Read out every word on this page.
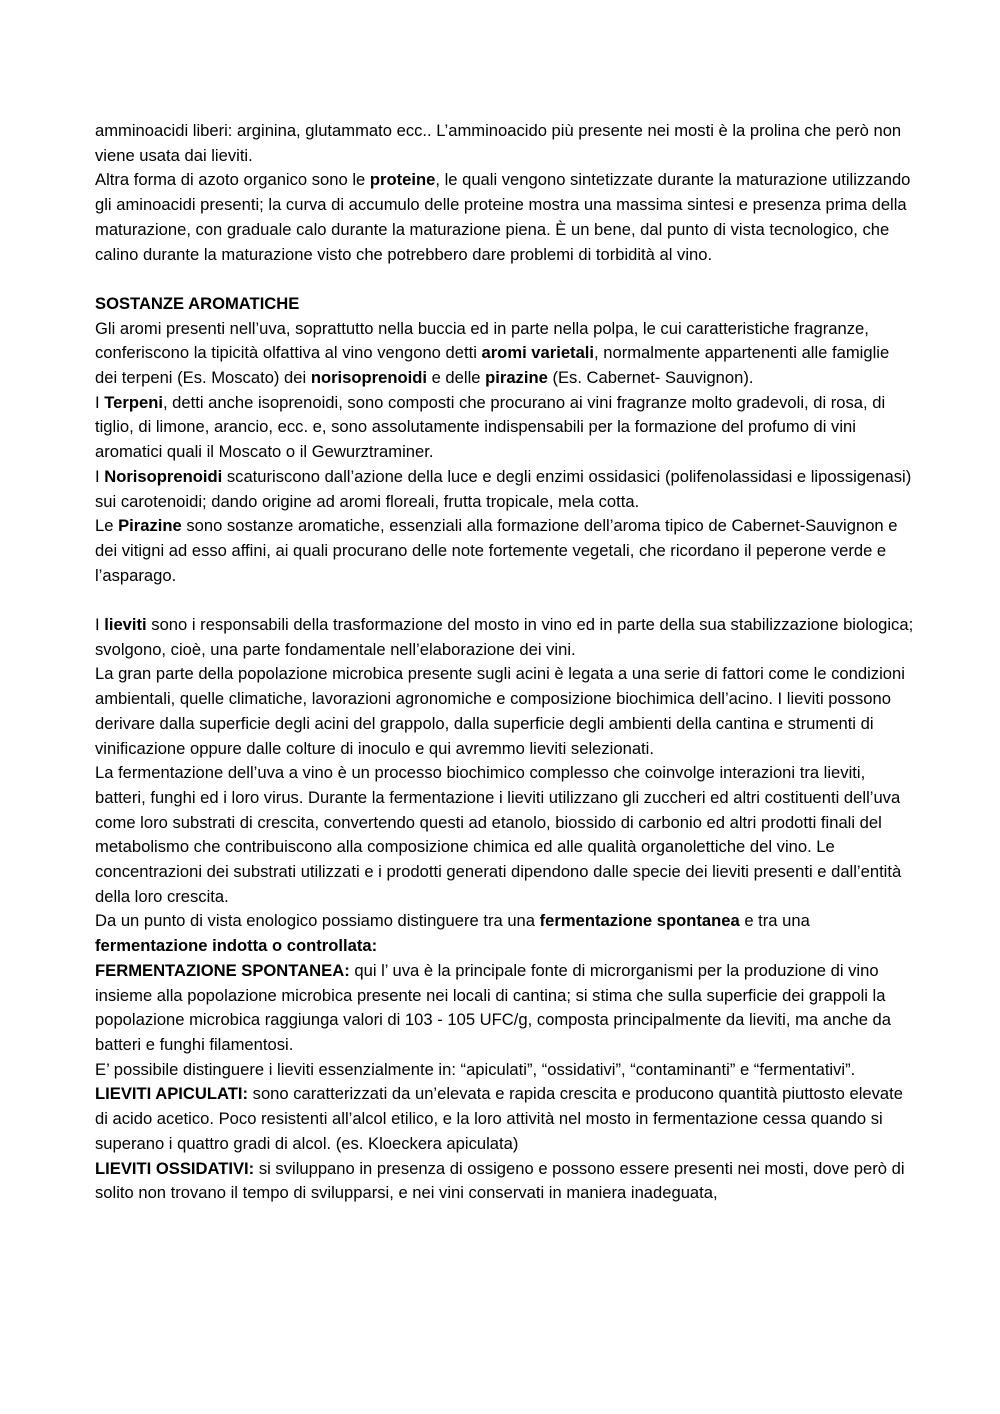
amminoacidi liberi: arginina, glutammato ecc.. L’amminoacido più presente nei mosti è la prolina che però non viene usata dai lieviti.

Altra forma di azoto organico sono le proteine, le quali vengono sintetizzate durante la maturazione utilizzando gli aminoacidi presenti; la curva di accumulo delle proteine mostra una massima sintesi e presenza prima della maturazione, con graduale calo durante la maturazione piena. È un bene, dal punto di vista tecnologico, che calino durante la maturazione visto che potrebbero dare problemi di torbidità al vino.

SOSTANZE AROMATICHE

Gli aromi presenti nell’uva, soprattutto nella buccia ed in parte nella polpa, le cui caratteristiche fragranze, conferiscono la tipicità olfattiva al vino vengono detti aromi varietali, normalmente appartenenti alle famiglie dei terpeni (Es. Moscato) dei norisoprenoidi e delle pirazine (Es. Cabernet- Sauvignon).

I Terpeni, detti anche isoprenoidi, sono composti che procurano ai vini fragranze molto gradevoli, di rosa, di tiglio, di limone, arancio, ecc. e, sono assolutamente indispensabili per la formazione del profumo di vini aromatici quali il Moscato o il Gewurztraminer.

I Norisoprenoidi scaturiscono dall’azione della luce e degli enzimi ossidasici (polifenolassidasi e lipossigenasi) sui carotenoidi; dando origine ad aromi floreali, frutta tropicale, mela cotta.

Le Pirazine sono sostanze aromatiche, essenziali alla formazione dell’aroma tipico de Cabernet-Sauvignon e dei vitigni ad esso affini, ai quali procurano delle note fortemente vegetali, che ricordano il peperone verde e l’asparago.

I lieviti sono i responsabili della trasformazione del mosto in vino ed in parte della sua stabilizzazione biologica; svolgono, cioè, una parte fondamentale nell’elaborazione dei vini.

La gran parte della popolazione microbica presente sugli acini è legata a una serie di fattori come le condizioni ambientali, quelle climatiche, lavorazioni agronomiche e composizione biochimica dell’acino. I lieviti possono derivare dalla superficie degli acini del grappolo, dalla superficie degli ambienti della cantina e strumenti di vinificazione oppure dalle colture di inoculo e qui avremmo lieviti selezionati.

La fermentazione dell’uva a vino è un processo biochimico complesso che coinvolge interazioni tra lieviti, batteri, funghi ed i loro virus. Durante la fermentazione i lieviti utilizzano gli zuccheri ed altri costituenti dell’uva come loro substrati di crescita, convertendo questi ad etanolo, biossido di carbonio ed altri prodotti finali del metabolismo che contribuiscono alla composizione chimica ed alle qualità organolettiche del vino. Le concentrazioni dei substrati utilizzati e i prodotti generati dipendono dalle specie dei lieviti presenti e dall’entità della loro crescita.

Da un punto di vista enologico possiamo distinguere tra una fermentazione spontanea e tra una fermentazione indotta o controllata:

FERMENTAZIONE SPONTANEA: qui l’ uva è la principale fonte di microrganismi per la produzione di vino insieme alla popolazione microbica presente nei locali di cantina; si stima che sulla superficie dei grappoli la popolazione microbica raggiunga valori di 103 - 105 UFC/g, composta principalmente da lieviti, ma anche da batteri e funghi filamentosi.

E’ possibile distinguere i lieviti essenzialmente in: “apiculati”, “ossidativi”, “contaminanti” e “fermentativi”.

LIEVITI APICULATI: sono caratterizzati da un’elevata e rapida crescita e producono quantità piuttosto elevate di acido acetico. Poco resistenti all’alcol etilico, e la loro attività nel mosto in fermentazione cessa quando si superano i quattro gradi di alcol. (es. Kloeckera apiculata)

LIEVITI OSSIDATIVI: si sviluppano in presenza di ossigeno e possono essere presenti nei mosti, dove però di solito non trovano il tempo di svilupparsi, e nei vini conservati in maniera inadeguata,
